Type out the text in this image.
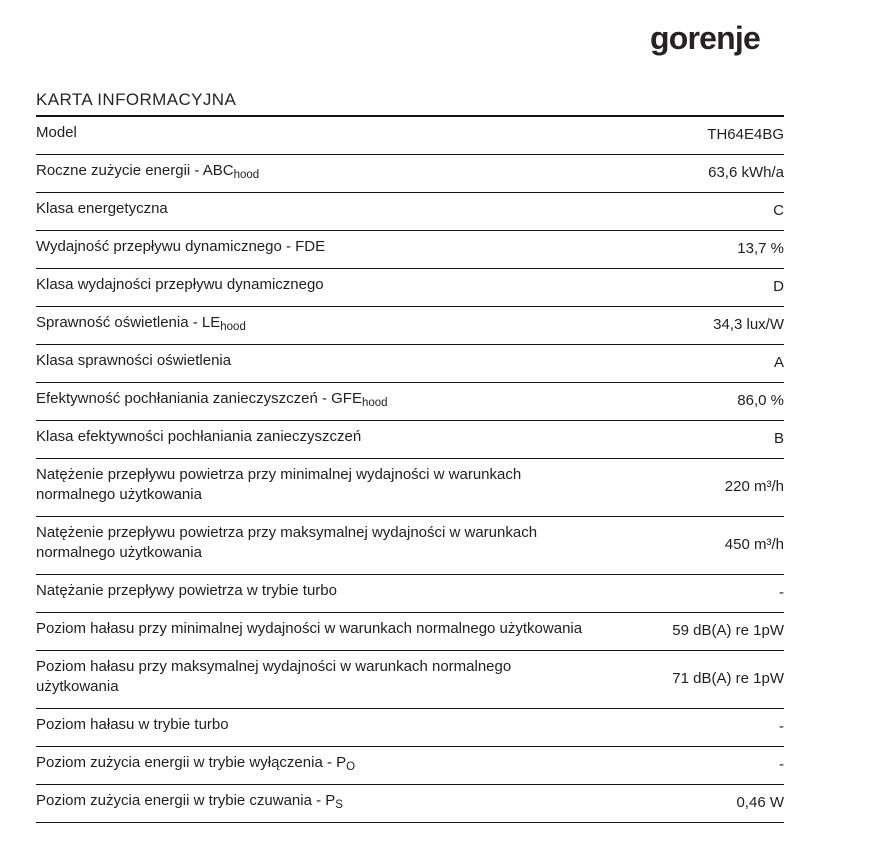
gorenje
KARTA INFORMACYJNA
Model	TH64E4BG
Roczne zużycie energii - $ABC_{hood}$	63,6 kWh/a
Klasa energetyczna	C
Wydajność przepływu dynamicznego - FDE	13,7 %
Klasa wydajności przepływu dynamicznego	D
Sprawność oświetlenia - $LE_{hood}$	34,3 lux/W
Klasa sprawności oświetlenia	A
Efektywność pochłaniania zanieczyszczeń - $GFE_{hood}$	86,0 %
Klasa efektywności pochłaniania zanieczyszczeń	B
Natężenie przepływu powietrza przy minimalnej wydajności w warunkach normalnego użytkowania	220 m³/h
Natężenie przepływu powietrza przy maksymalnej wydajności w warunkach normalnego użytkowania	450 m³/h
Natężanie przepływy powietrza w trybie turbo	-
Poziom hałasu przy minimalnej wydajności w warunkach normalnego użytkowania	59 dB(A) re 1pW
Poziom hałasu przy maksymalnej wydajności w warunkach normalnego użytkowania	71 dB(A) re 1pW
Poziom hałasu w trybie turbo	-
Poziom zużycia energii w trybie wyłączenia - $P_O$	-
Poziom zużycia energii w trybie czuwania - $P_S$	0,46 W
